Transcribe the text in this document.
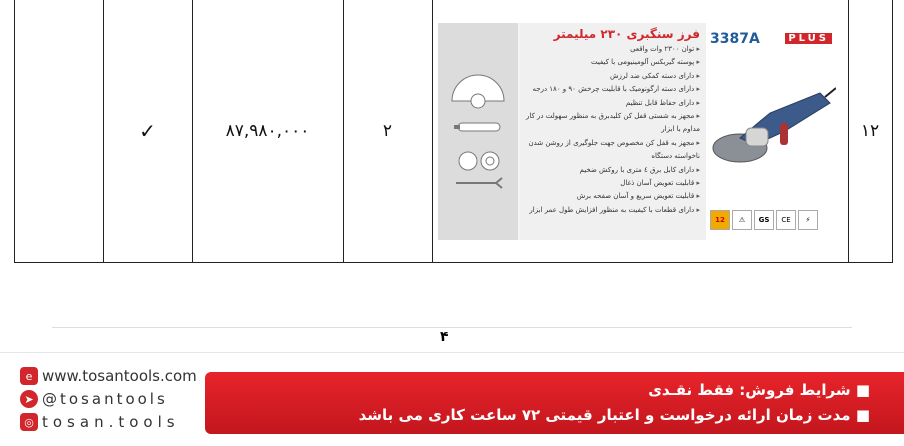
✓	۸۷,۹۸۰,۰۰۰	۲	۱۲
فرز سنگبری ۲۳۰ میلیمتر
▸ توان ۲۳۰۰ وات واقعی
▸ پوسته گیربکس آلومینیومی با کیفیت
▸ دارای دسته کمکی ضد لرزش
▸ دارای دسته ارگونومیک با قابلیت چرخش ۹۰ و ۱۸۰ درجه
▸ دارای حفاظ قابل تنظیم
▸ مجهز به شستی قفل کن کلیدبرق به منظور سهولت در کار مداوم با ابزار
▸ مجهز به قفل کن مخصوص جهت جلوگیری از روشن شدن ناخواسته دستگاه
▸ دارای کابل برق ٤ متری با روکش ضخیم
▸ قابلیت تعویض آسان ذغال
▸ قابلیت تعویض سریع و آسان صفحه برش
▸ دارای قطعات با کیفیت به منظور افزایش طول عمر ابزار
3387A	PLUS
12	⚠	GS	CE	⚡
۴
e www.tosantools.com
➤ @tosantools
◎ tosan.tools
■ شرایط فروش: فقط نقـدی
■ مدت زمان ارائه درخواست و اعتبار قیمتی ۷۲ ساعت کاری می باشد
